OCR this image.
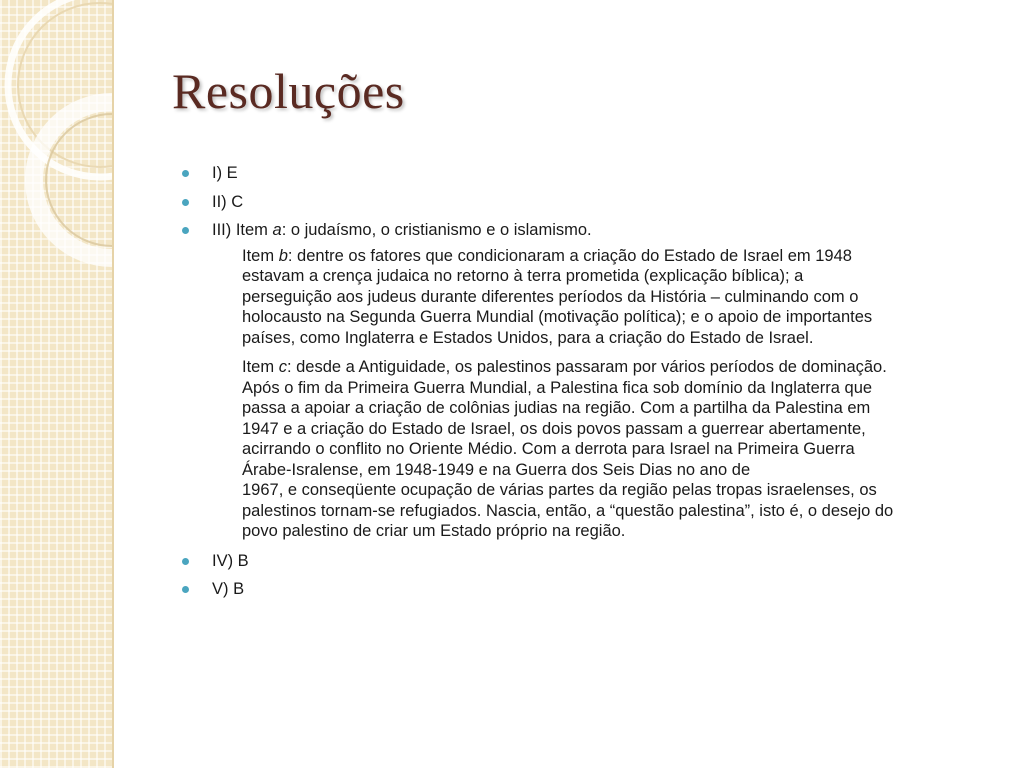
Resoluções
I) E
II) C
III) Item a: o judaísmo, o cristianismo e o islamismo.
Item b: dentre os fatores que condicionaram a criação do Estado de Israel em 1948
estavam a crença judaica no retorno à terra prometida (explicação bíblica); a
perseguição aos judeus durante diferentes períodos da História – culminando com o
holocausto na Segunda Guerra Mundial (motivação política); e o apoio de importantes
países, como Inglaterra e Estados Unidos, para a criação do Estado de Israel.
Item c: desde a Antiguidade, os palestinos passaram por vários períodos de dominação.
Após o fim da Primeira Guerra Mundial, a Palestina fica sob domínio da Inglaterra que
passa a apoiar a criação de colônias judias na região. Com a partilha da Palestina em
1947 e a criação do Estado de Israel, os dois povos passam a guerrear abertamente,
acirrando o conflito no Oriente Médio. Com a derrota para Israel na Primeira Guerra
Árabe-Isralense, em 1948-1949 e na Guerra dos Seis Dias no ano de
1967, e conseqüente ocupação de várias partes da região pelas tropas israelenses, os
palestinos tornam-se refugiados. Nascia, então, a “questão palestina”, isto é, o desejo do
povo palestino de criar um Estado próprio na região.
IV) B
V) B
